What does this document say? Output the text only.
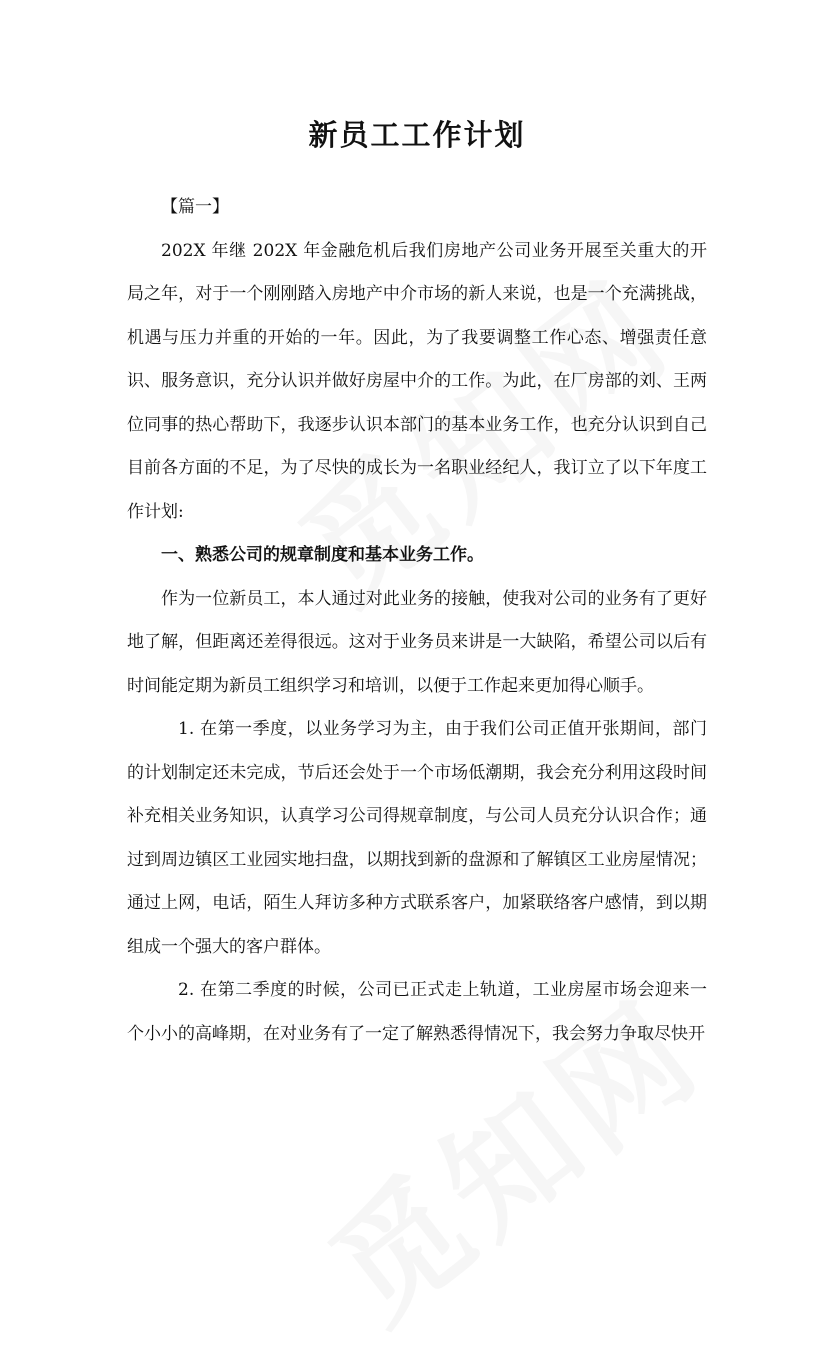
新员工工作计划

【篇一】

202X 年继 202X 年金融危机后我们房地产公司业务开展至关重大的开局之年，对于一个刚刚踏入房地产中介市场的新人来说，也是一个充满挑战，机遇与压力并重的开始的一年。因此，为了我要调整工作心态、增强责任意识、服务意识，充分认识并做好房屋中介的工作。为此，在厂房部的刘、王两位同事的热心帮助下，我逐步认识本部门的基本业务工作，也充分认识到自己目前各方面的不足，为了尽快的成长为一名职业经纪人，我订立了以下年度工作计划:

一、熟悉公司的规章制度和基本业务工作。

作为一位新员工，本人通过对此业务的接触，使我对公司的业务有了更好地了解，但距离还差得很远。这对于业务员来讲是一大缺陷，希望公司以后有时间能定期为新员工组织学习和培训，以便于工作起来更加得心顺手。

1. 在第一季度，以业务学习为主，由于我们公司正值开张期间，部门的计划制定还未完成，节后还会处于一个市场低潮期，我会充分利用这段时间补充相关业务知识，认真学习公司得规章制度，与公司人员充分认识合作；通过到周边镇区工业园实地扫盘，以期找到新的盘源和了解镇区工业房屋情况；通过上网，电话，陌生人拜访多种方式联系客户，加紧联络客户感情，到以期组成一个强大的客户群体。

2. 在第二季度的时候，公司已正式走上轨道，工业房屋市场会迎来一个小小的高峰期，在对业务有了一定了解熟悉得情况下，我会努力争取尽快开
